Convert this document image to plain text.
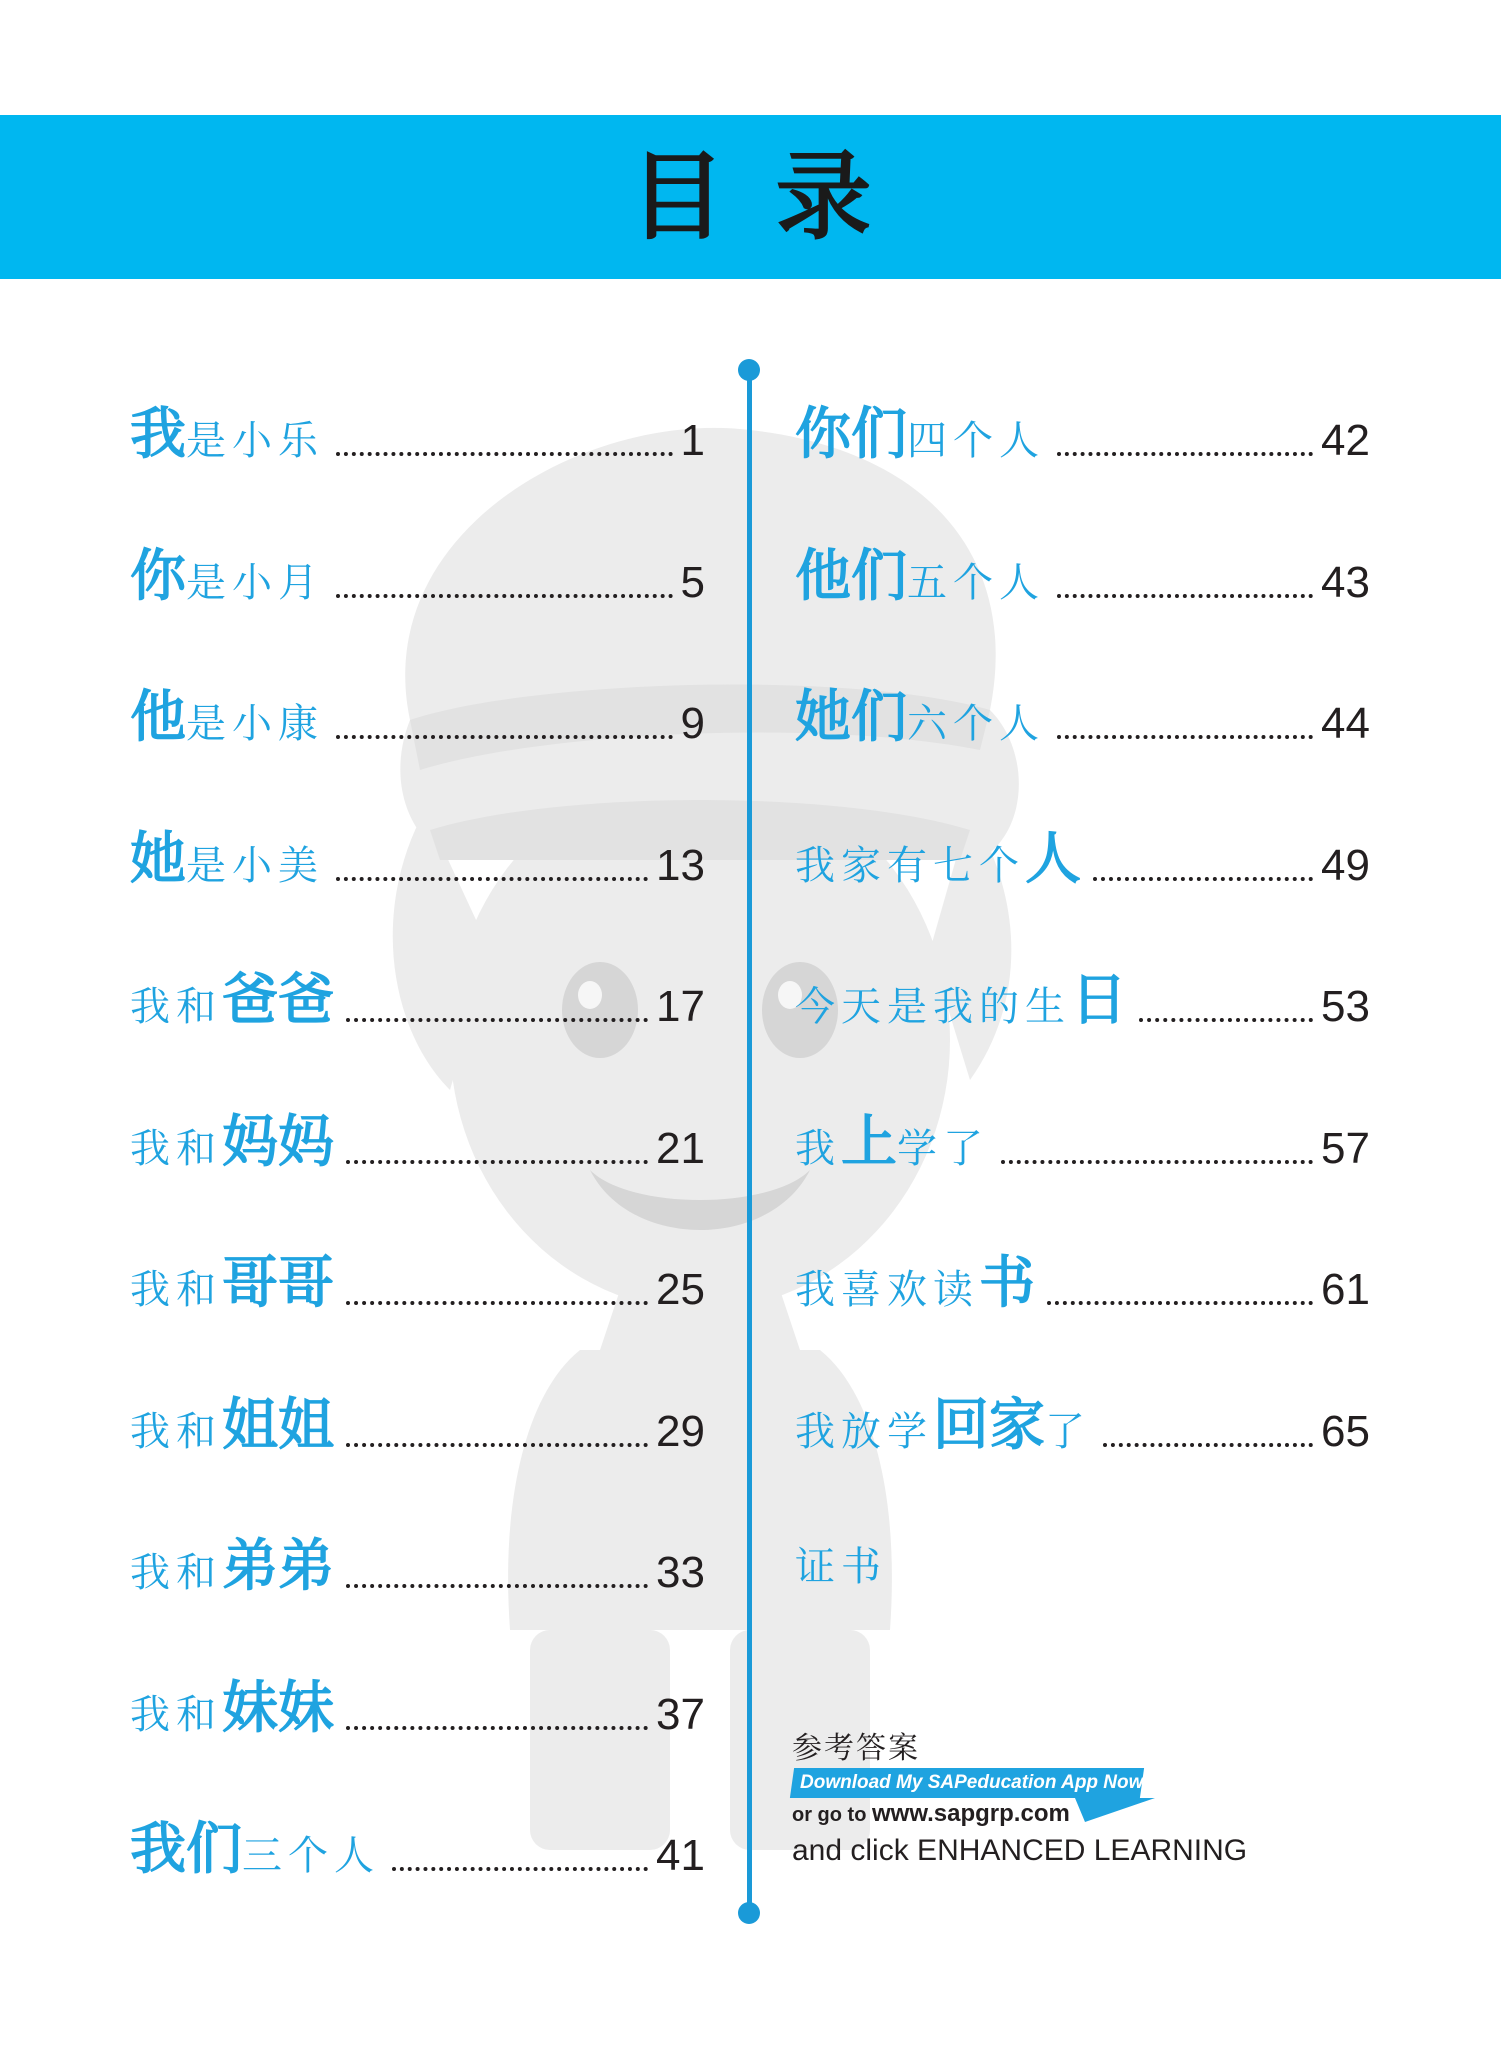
目录
我 是小乐	1
你 是小月	5
他 是小康	9
她 是小美	13
我和 爸爸	17
我和 妈妈	21
我和 哥哥	25
我和 姐姐	29
我和 弟弟	33
我和 妹妹	37
我们 三个人	41
你们 四个人	42
他们 五个人	43
她们 六个人	44
我家有七个 人	49
今天是我的生 日	53
我 上 学了	57
我喜欢读 书	61
我放学 回家 了	65
证书
参考答案
Download My SAPeducation App Now!
or go to www.sapgrp.com
and click ENHANCED LEARNING
